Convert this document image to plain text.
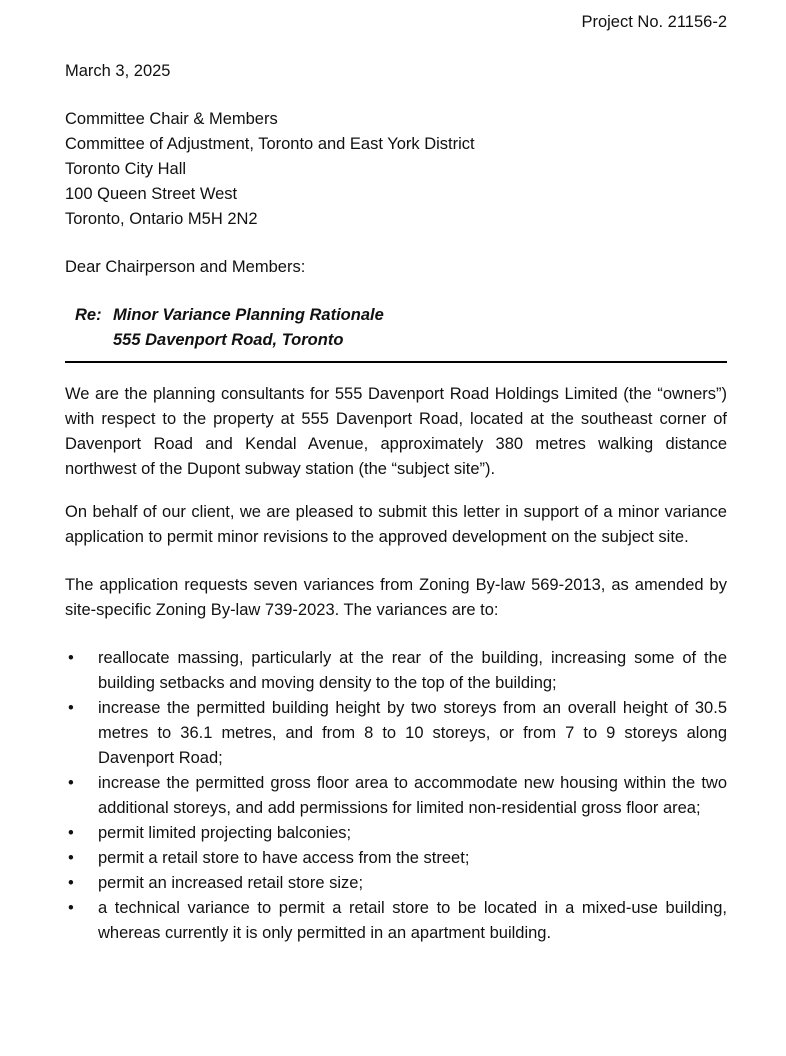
Project No. 21156-2
March 3, 2025
Committee Chair & Members
Committee of Adjustment, Toronto and East York District
Toronto City Hall
100 Queen Street West
Toronto, Ontario M5H 2N2
Dear Chairperson and Members:
Re: Minor Variance Planning Rationale
555 Davenport Road, Toronto

We are the planning consultants for 555 Davenport Road Holdings Limited (the “owners”) with respect to the property at 555 Davenport Road, located at the southeast corner of Davenport Road and Kendal Avenue, approximately 380 metres walking distance northwest of the Dupont subway station (the “subject site”).

On behalf of our client, we are pleased to submit this letter in support of a minor variance application to permit minor revisions to the approved development on the subject site.

The application requests seven variances from Zoning By-law 569-2013, as amended by site-specific Zoning By-law 739-2023. The variances are to:

• reallocate massing, particularly at the rear of the building, increasing some of the building setbacks and moving density to the top of the building;
• increase the permitted building height by two storeys from an overall height of 30.5 metres to 36.1 metres, and from 8 to 10 storeys, or from 7 to 9 storeys along Davenport Road;
• increase the permitted gross floor area to accommodate new housing within the two additional storeys, and add permissions for limited non-residential gross floor area;
• permit limited projecting balconies;
• permit a retail store to have access from the street;
• permit an increased retail store size;
• a technical variance to permit a retail store to be located in a mixed-use building, whereas currently it is only permitted in an apartment building.
